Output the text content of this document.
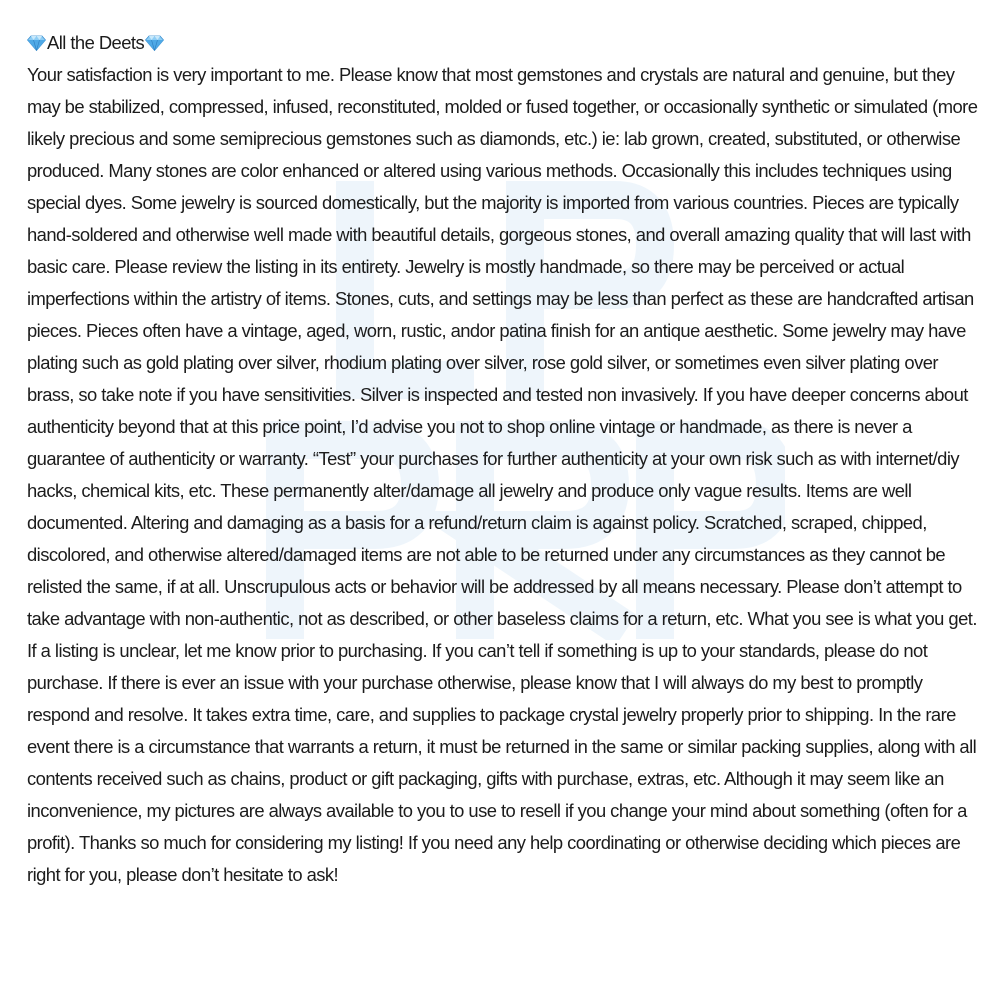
All the Deets

Your satisfaction is very important to me. Please know that most gemstones and crystals are natural and genuine, but they may be stabilized, compressed, infused, reconstituted, molded or fused together, or occasionally synthetic or simulated (more likely precious and some semiprecious gemstones such as diamonds, etc.) ie: lab grown, created, substituted, or otherwise produced. Many stones are color enhanced or altered using various methods. Occasionally this includes techniques using special dyes. Some jewelry is sourced domestically, but the majority is imported from various countries. Pieces are typically hand-soldered and otherwise well made with beautiful details, gorgeous stones, and overall amazing quality that will last with basic care. Please review the listing in its entirety. Jewelry is mostly handmade, so there may be perceived or actual imperfections within the artistry of items. Stones, cuts, and settings may be less than perfect as these are handcrafted artisan pieces. Pieces often have a vintage, aged, worn, rustic, andor patina finish for an antique aesthetic. Some jewelry may have plating such as gold plating over silver, rhodium plating over silver, rose gold silver, or sometimes even silver plating over brass, so take note if you have sensitivities. Silver is inspected and tested non invasively. If you have deeper concerns about authenticity beyond that at this price point, I’d advise you not to shop online vintage or handmade, as there is never a guarantee of authenticity or warranty. “Test” your purchases for further authenticity at your own risk such as with internet/diy hacks, chemical kits, etc. These permanently alter/damage all jewelry and produce only vague results. Items are well documented. Altering and damaging as a basis for a refund/return claim is against policy. Scratched, scraped, chipped, discolored, and otherwise altered/damaged items are not able to be returned under any circumstances as they cannot be relisted the same, if at all. Unscrupulous acts or behavior will be addressed by all means necessary. Please don’t attempt to take advantage with non-authentic, not as described, or other baseless claims for a return, etc. What you see is what you get. If a listing is unclear, let me know prior to purchasing. If you can’t tell if something is up to your standards, please do not purchase. If there is ever an issue with your purchase otherwise, please know that I will always do my best to promptly respond and resolve. It takes extra time, care, and supplies to package crystal jewelry properly prior to shipping. In the rare event there is a circumstance that warrants a return, it must be returned in the same or similar packing supplies, along with all contents received such as chains, product or gift packaging, gifts with purchase, extras, etc. Although it may seem like an inconvenience, my pictures are always available to you to use to resell if you change your mind about something (often for a profit). Thanks so much for considering my listing! If you need any help coordinating or otherwise deciding which pieces are right for you, please don’t hesitate to ask!
